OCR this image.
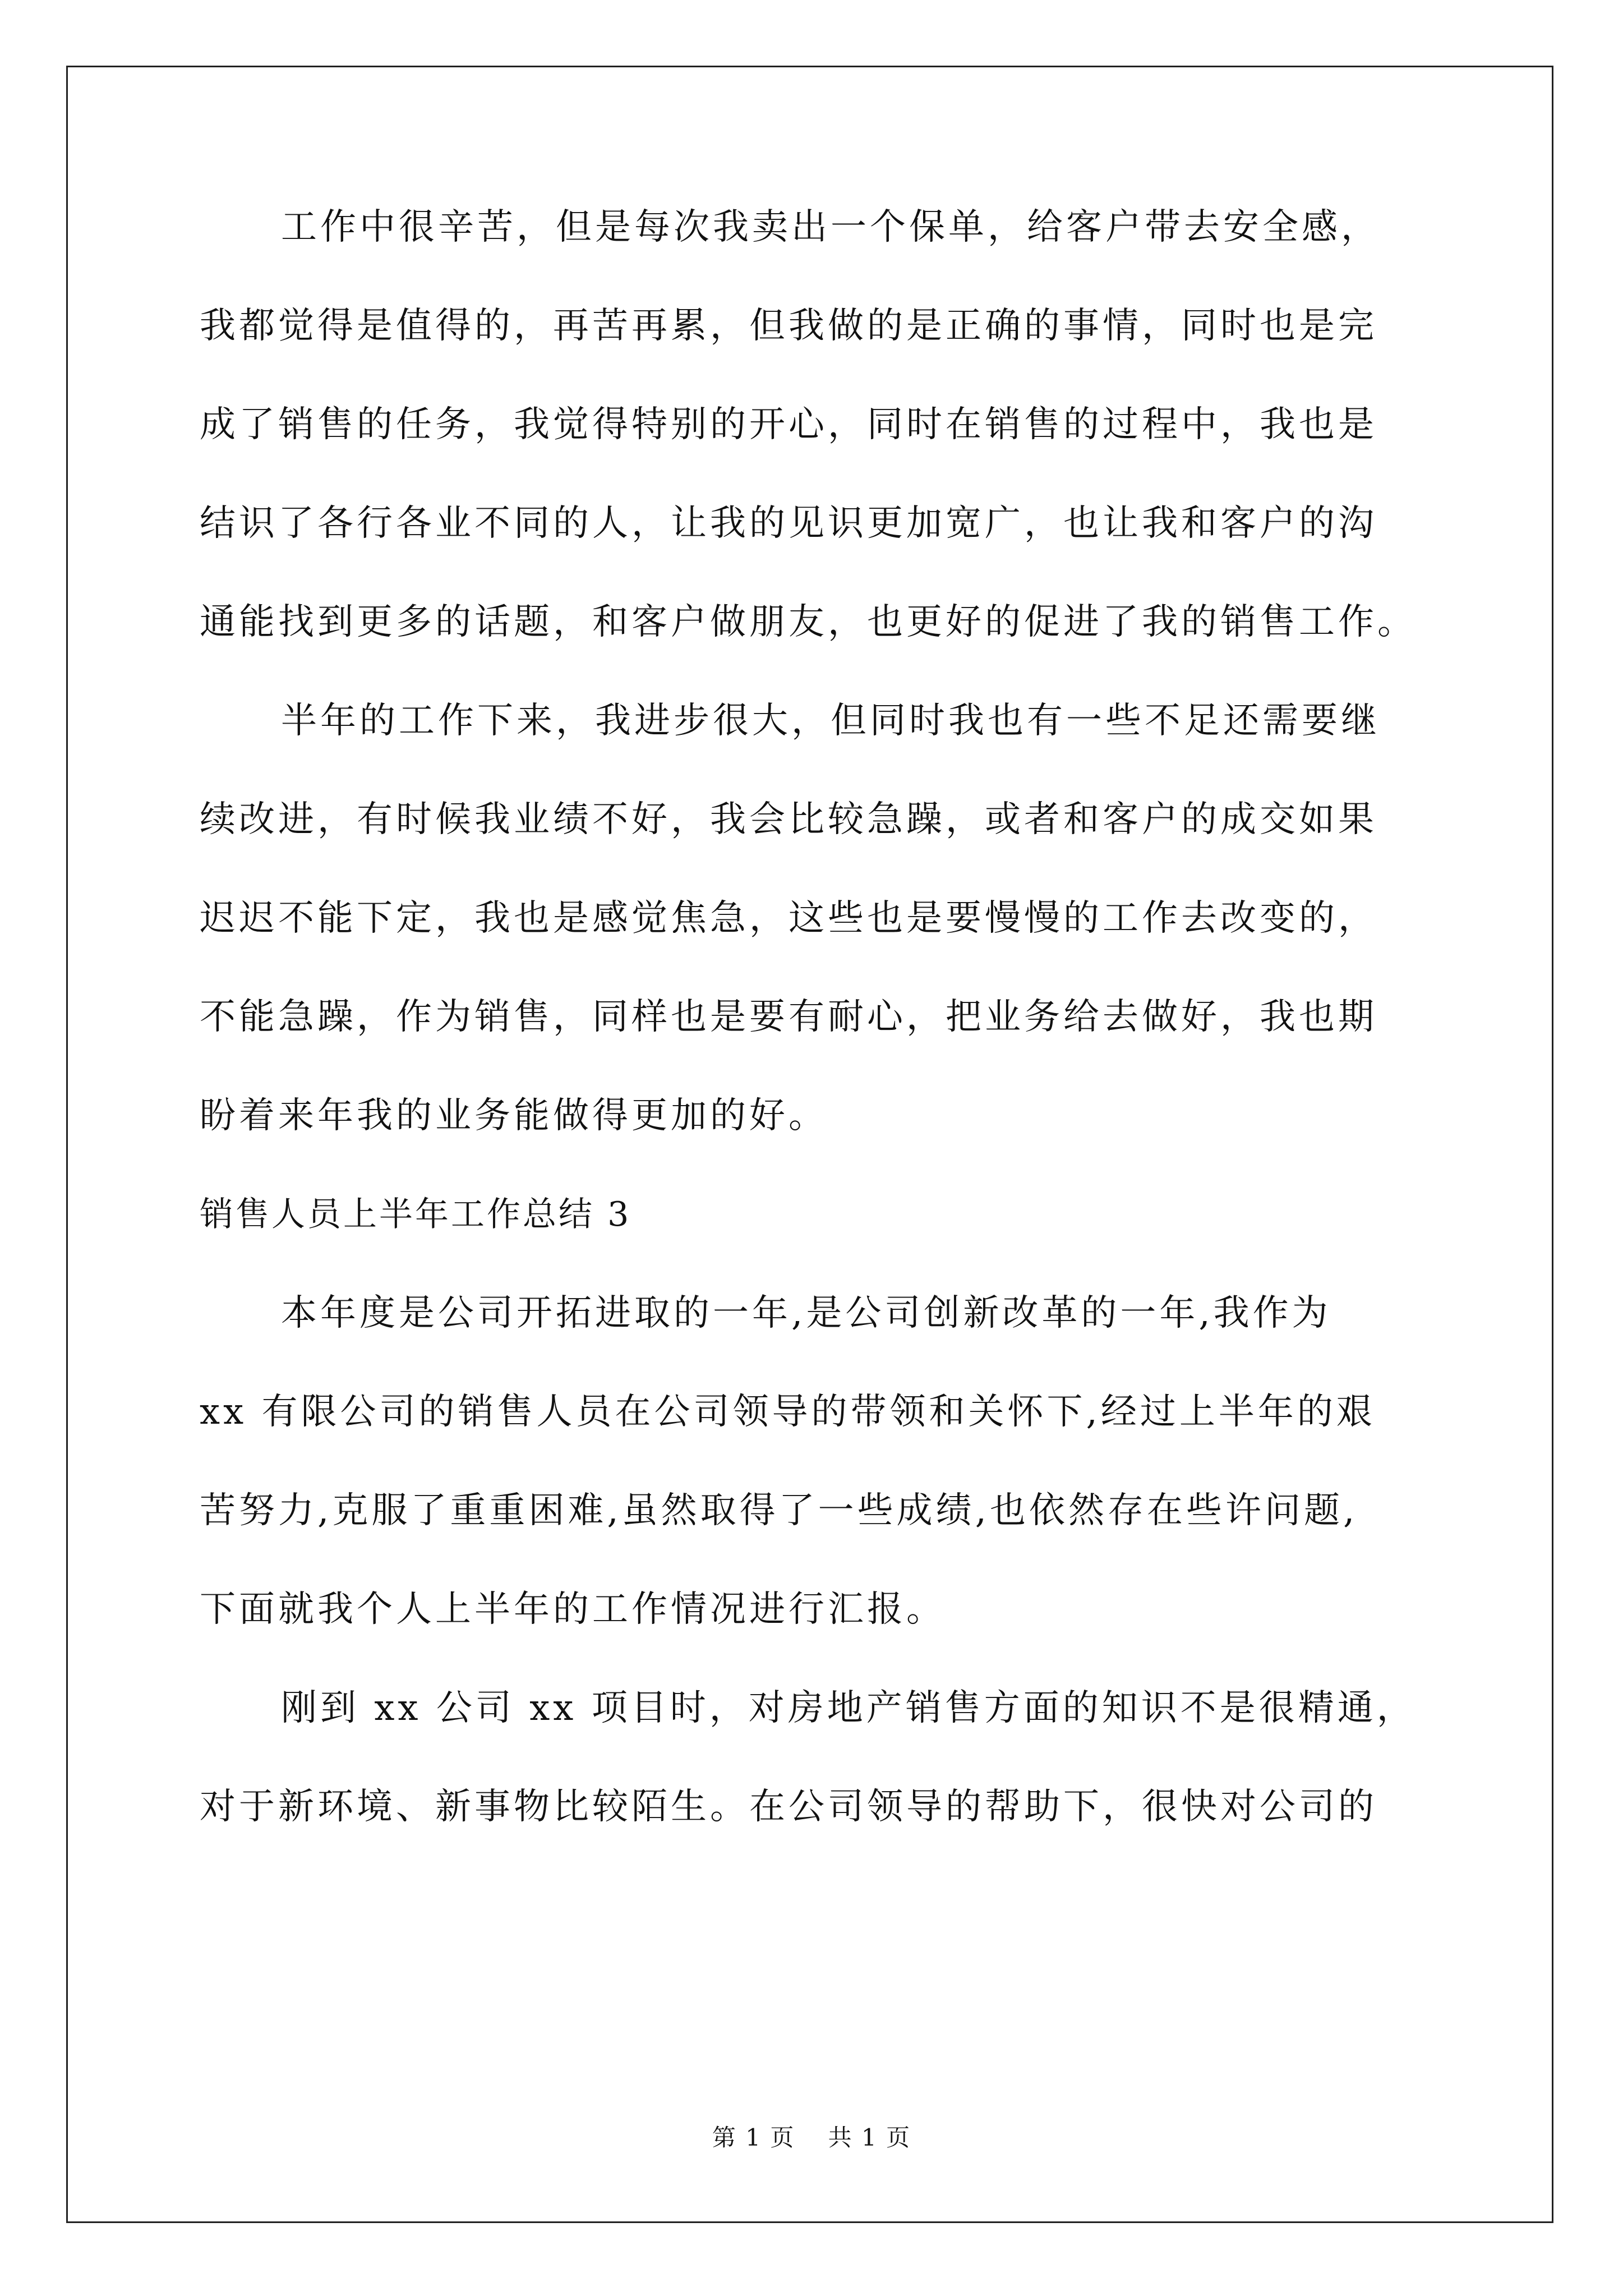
工作中很辛苦，但是每次我卖出一个保单，给客户带去安全感，
我都觉得是值得的，再苦再累，但我做的是正确的事情，同时也是完
成了销售的任务，我觉得特别的开心，同时在销售的过程中，我也是
结识了各行各业不同的人，让我的见识更加宽广，也让我和客户的沟
通能找到更多的话题，和客户做朋友，也更好的促进了我的销售工作。
半年的工作下来，我进步很大，但同时我也有一些不足还需要继
续改进，有时候我业绩不好，我会比较急躁，或者和客户的成交如果
迟迟不能下定，我也是感觉焦急，这些也是要慢慢的工作去改变的，
不能急躁，作为销售，同样也是要有耐心，把业务给去做好，我也期
盼着来年我的业务能做得更加的好。
销售人员上半年工作总结 3
本年度是公司开拓进取的一年,是公司创新改革的一年,我作为
xx 有限公司的销售人员在公司领导的带领和关怀下,经过上半年的艰
苦努力,克服了重重困难,虽然取得了一些成绩,也依然存在些许问题,
下面就我个人上半年的工作情况进行汇报。
刚到 xx 公司 xx 项目时，对房地产销售方面的知识不是很精通，
对于新环境、新事物比较陌生。在公司领导的帮助下，很快对公司的
第 1 页　 共 1 页
